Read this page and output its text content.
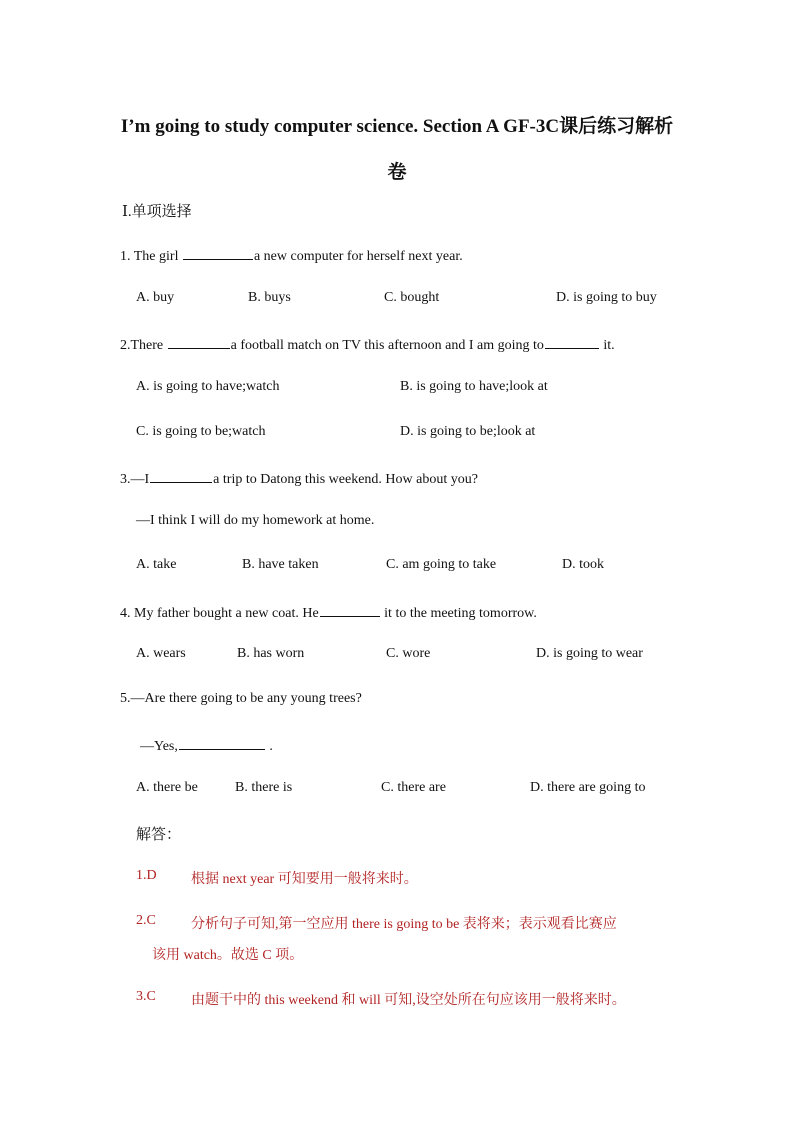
I’m going to study computer science. Section A GF-3C课后练习解析
卷
Ⅰ.单项选择
1. The girl	a new computer for herself next year.
A. buy	B. buys	C. bought	D. is going to buy
2.There	a football match on TV this afternoon and I am going to	it.
A. is going to have;watch	B. is going to have;look at
C. is going to be;watch	D. is going to be;look at
3.—I	a trip to Datong this weekend. How about you?
—I think I will do my homework at home.
A. take	B. have taken	C. am going to take	D. took
4. My father bought a new coat. He	it to the meeting tomorrow.
A. wears	B. has worn	C. wore	D. is going to wear
5.—Are there going to be any young trees?
—Yes,	.
A. there be	B. there is	C. there are	D. there are going to
解答：
1.D 根据 next year 可知要用一般将来时。
2.C	分析句子可知,第一空应用 there is going to be 表将来；表示观看比赛应
该用 watch。故选 C 项。
3.C	由题干中的 this weekend 和 will 可知,设空处所在句应该用一般将来时。
